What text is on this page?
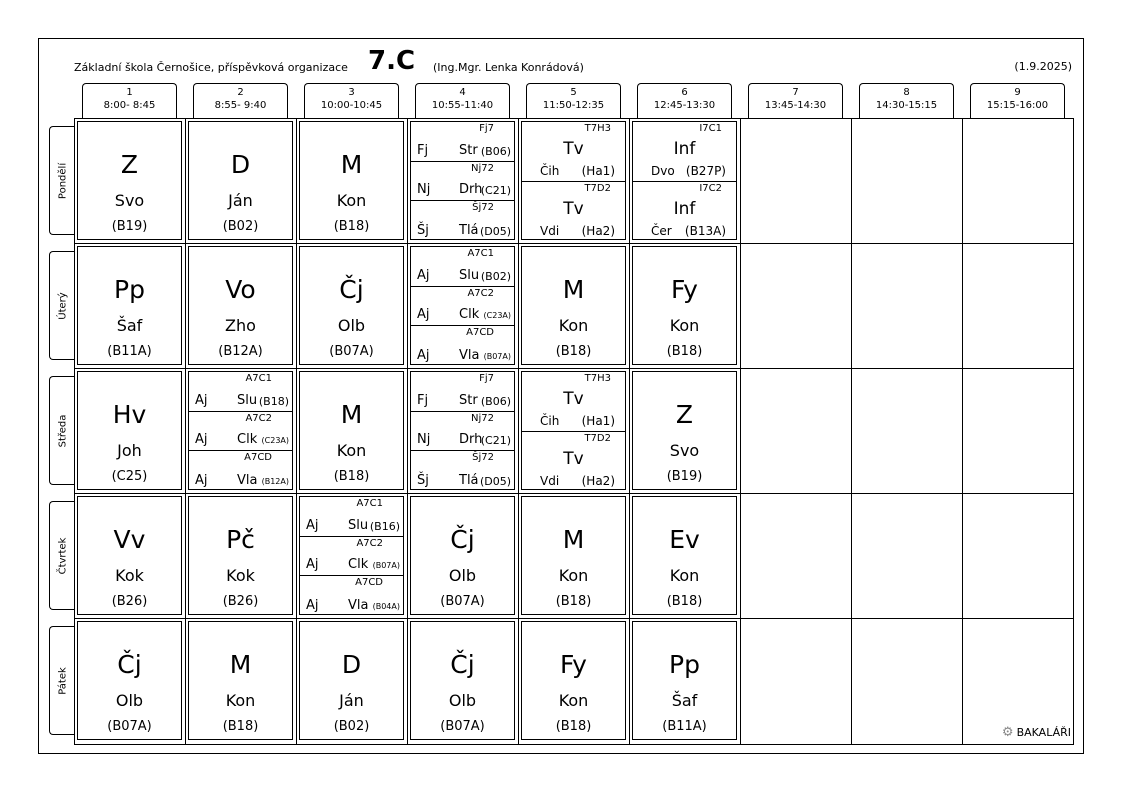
Základní škola Černošice, příspěvková organizace 7.C (Ing.Mgr. Lenka Konrádová)	(1.9.2025)
1
8:00- 8:45
2
8:55- 9:40
3
10:00-10:45
4
10:55-11:40
5
11:50-12:35
6
12:45-13:30
7
13:45-14:30
8
14:30-15:15
9
15:15-16:00
Pondělí
Úterý
Středa
Čtvrtek
Pátek
Z
Svo
(B19)
D
Ján
(B02)
M
Kon
(B18)
Fj7
Fj Str (B06)
Nj72
Nj Drh
(C21)
Šj72
Šj Tlá (D05)
T7H3
Tv
Čih (Ha1)
T7D2
Tv
Vdi (Ha2)
I7C1
Inf
Dvo (B27P)
I7C2
Inf
Čer (B13A)
Pp
Šaf
(B11A)
Vo
Zho
(B12A)
Čj
Olb
(B07A)
A7C1
Aj Slu (B02)
A7C2
Aj Clk (C23A)
A7CD
Aj Vla (B07A)
M
Kon
(B18)
Fy
Kon
(B18)
Hv
Joh
(C25)
A7C1
Aj Slu (B18)
A7C2
Aj Clk (C23A)
A7CD
Aj Vla (B12A)
M
Kon
(B18)
Fj7
Fj Str (B06)
Nj72
Nj Drh
(C21)
Šj72
Šj Tlá (D05)
T7H3
Tv
Čih (Ha1)
T7D2
Tv
Vdi (Ha2)
Z
Svo
(B19)
Vv
Kok
(B26)
Pč
Kok
(B26)
A7C1
Aj Slu (B16)
A7C2
Aj Clk (B07A)
A7CD
Aj Vla (B04A)
Čj
Olb
(B07A)
M
Kon
(B18)
Ev
Kon
(B18)
Čj
Olb
(B07A)
M
Kon
(B18)
D
Ján
(B02)
Čj
Olb
(B07A)
Fy
Kon
(B18)
Pp
Šaf
(B11A)	⚙ BAKALÁŘI
